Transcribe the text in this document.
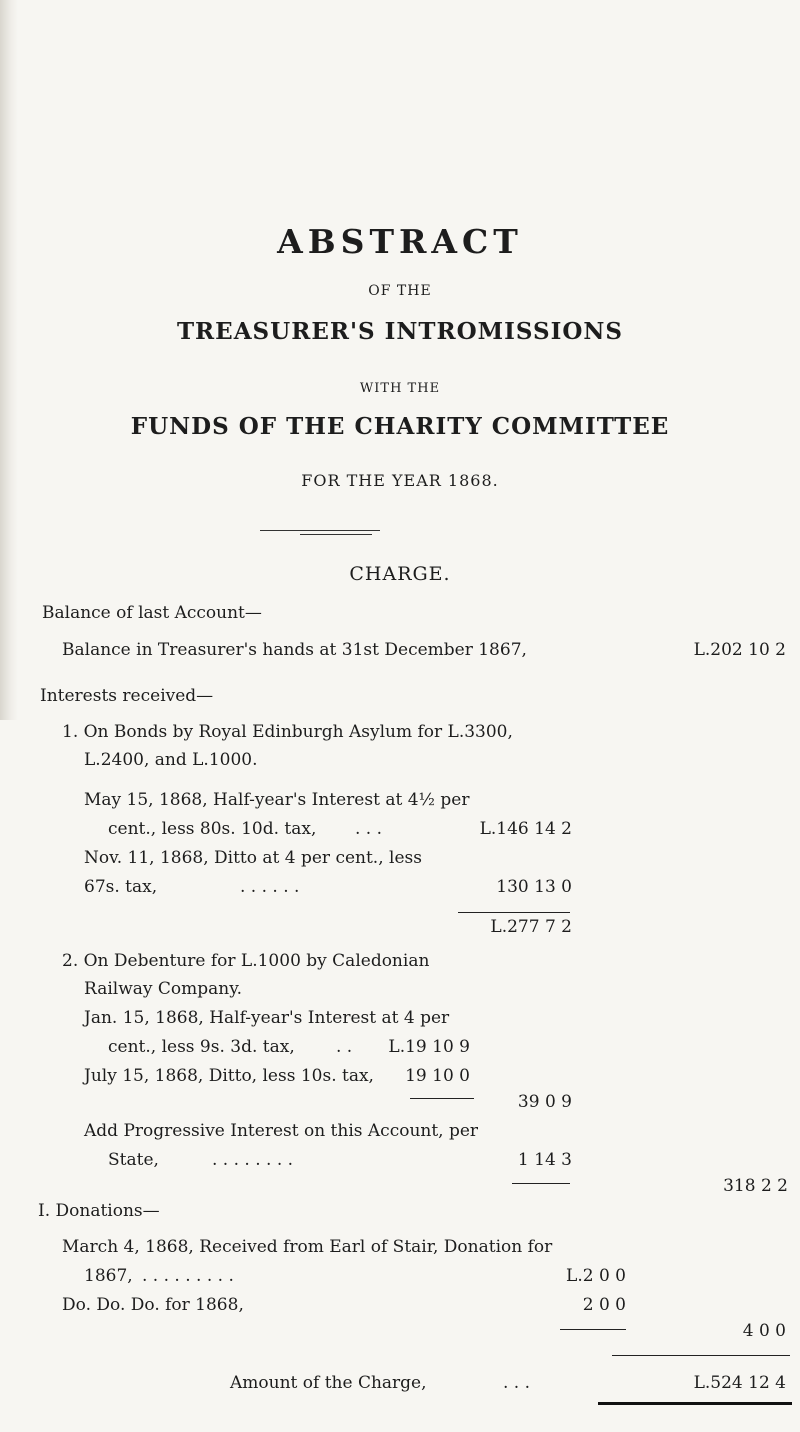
ABSTRACT
OF THE
TREASURER'S INTROMISSIONS
WITH THE
FUNDS OF THE CHARITY COMMITTEE
FOR THE YEAR 1868.
CHARGE.
Balance of last Account—
Balance in Treasurer's hands at 31st December 1867,	L.202 10 2
Interests received—
1. On Bonds by Royal Edinburgh Asylum for L.3300,
L.2400, and L.1000.
May 15, 1868, Half-year's Interest at 4½ per
cent., less 80s. 10d. tax, . . .	L.146 14 2
Nov. 11, 1868, Ditto at 4 per cent., less
67s. tax,	. . . . . .	130 13 0
L.277 7 2
2. On Debenture for L.1000 by Caledonian
Railway Company.
Jan. 15, 1868, Half-year's Interest at 4 per
cent., less 9s. 3d. tax, . . L.19 10 9
July 15, 1868, Ditto, less 10s. tax, 19 10 0
39 0 9
Add Progressive Interest on this Account, per
State,	. . . . . . . .	1 14 3
318 2 2
I. Donations—
March 4, 1868, Received from Earl of Stair, Donation for
1867, . . . . . . . . .	L.2 0 0
Do. Do. Do. for 1868,	2 0 0
4 0 0
Amount of the Charge,	. . .	L.524 12 4
